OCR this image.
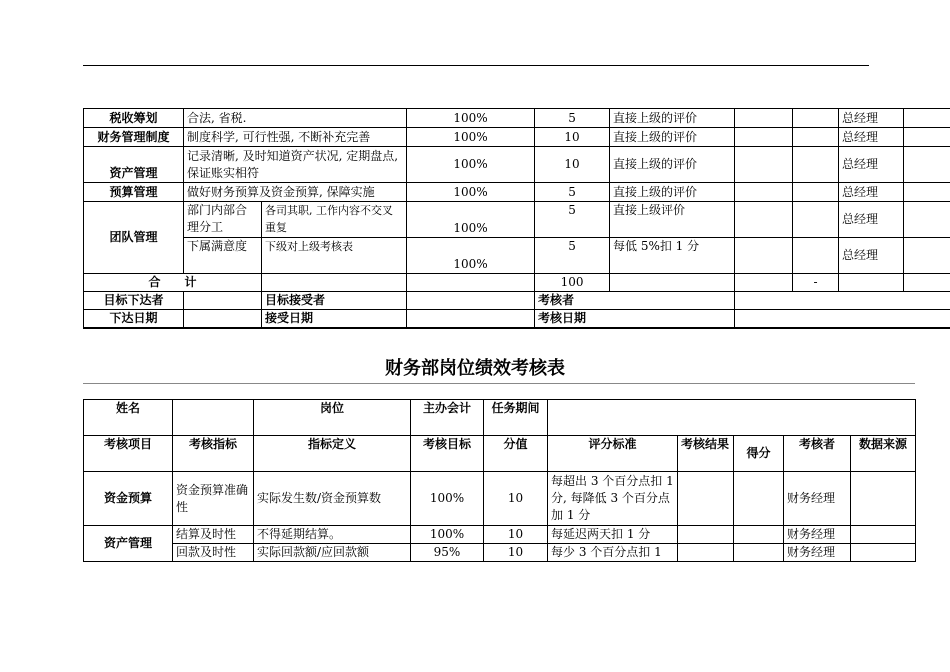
税收筹划	合法, 省税.		100%	5	直接上级的评价			总经理	
财务管理制度	制度科学, 可行性强, 不断补充完善		100%	10	直接上级的评价			总经理	
资产管理	记录清晰, 及时知道资产状况, 定期盘点, 保证账实相符		100%	10	直接上级的评价			总经理	
预算管理	做好财务预算及资金预算, 保障实施		100%	5	直接上级的评价			总经理	
团队管理	部门内部合理分工	各司其职, 工作内容不交叉重复	100%	5	直接上级评价			总经理	
	下属满意度	下级对上级考核表	100%	5	每低 5%扣 1 分			总经理	
合　　计				100			-		
目标下达者		目标接受者		考核者					
下达日期		接受日期		考核日期					
财务部岗位绩效考核表
姓名		岗位	主办会计	任务期间					
考核项目	考核指标	指标定义	考核目标	分值	评分标准	考核结果	得分	考核者	数据来源
资金预算	资金预算准确性	实际发生数/资金预算数	100%	10	每超出 3 个百分点扣 1 分, 每降低 3 个百分点加 1 分			财务经理	
资产管理	结算及时性	不得延期结算。	100%	10	每延迟两天扣 1 分			财务经理	
	回款及时性	实际回款额/应回款额	95%	10	每少 3 个百分点扣 1			财务经理	
